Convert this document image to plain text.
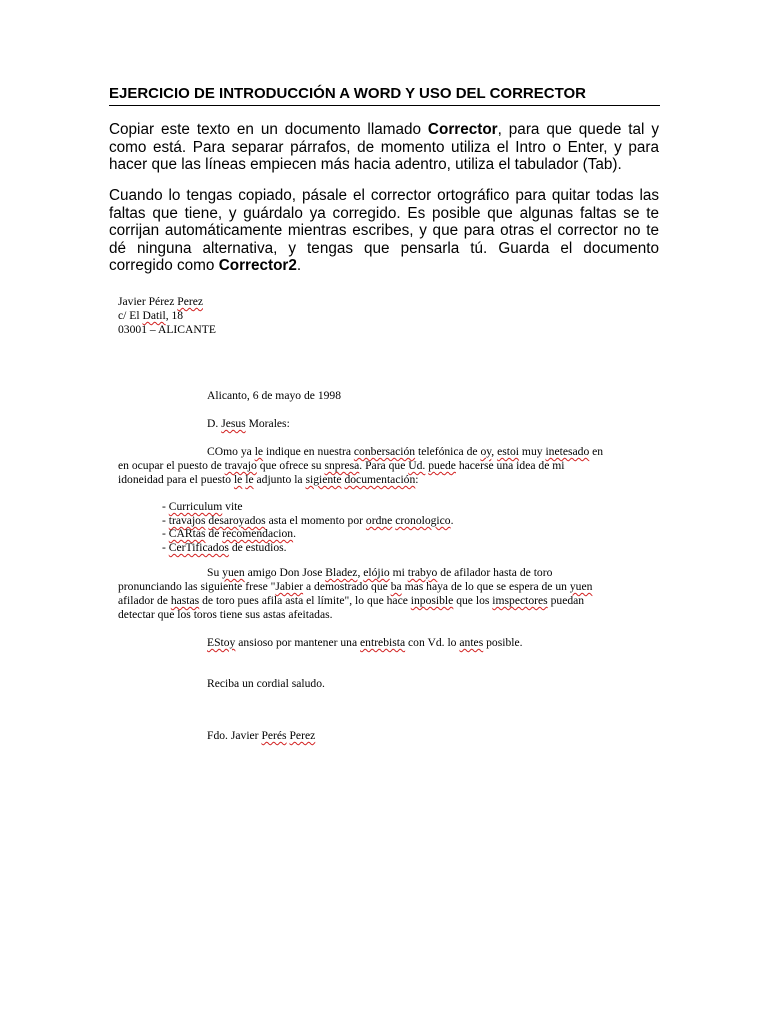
EJERCICIO DE INTRODUCCIÓN A WORD Y USO DEL CORRECTOR
Copiar este texto en un documento llamado Corrector, para que quede tal y como está. Para separar párrafos, de momento utiliza el Intro o Enter, y para hacer que las líneas empiecen más hacia adentro, utiliza el tabulador (Tab).
Cuando lo tengas copiado, pásale el corrector ortográfico para quitar todas las faltas que tiene, y guárdalo ya corregido. Es posible que algunas faltas se te corrijan automáticamente mientras escribes, y que para otras el corrector no te dé ninguna alternativa, y tengas que pensarla tú. Guarda el documento corregido como Corrector2.
Javier Pérez Perez
c/ El Datil, 18
03001 – ALICANTE
Alicanto, 6 de mayo de 1998
D. Jesus Morales:
COmo ya le indique en nuestra conbersación telefónica de oy, estoi muy inetesado en
en ocupar el puesto de travajo que ofrece su snpresa. Para que Ud. puede hacerse una idea de mi
idoneidad para el puesto le le adjunto la sigiente documentación:
- Curriculum vite
- travajos desaroyados asta el momento por ordne cronologico.
- CARtas de recomendacion.
- CerTificados de estudios.
Su yuen amigo Don Jose Bladez, elójio mi trabyo de afilador hasta de toro
pronunciando las siguiente frese "Jabier a demostrado que ba mas haya de lo que se espera de un yuen
afilador de hastas de toro pues afila asta el límite", lo que hace inposible que los imspectores puedan
detectar que los toros tiene sus astas afeitadas.
EStoy ansioso por mantener una entrebista con Vd. lo antes posible.
Reciba un cordial saludo.
Fdo. Javier Perés Perez
